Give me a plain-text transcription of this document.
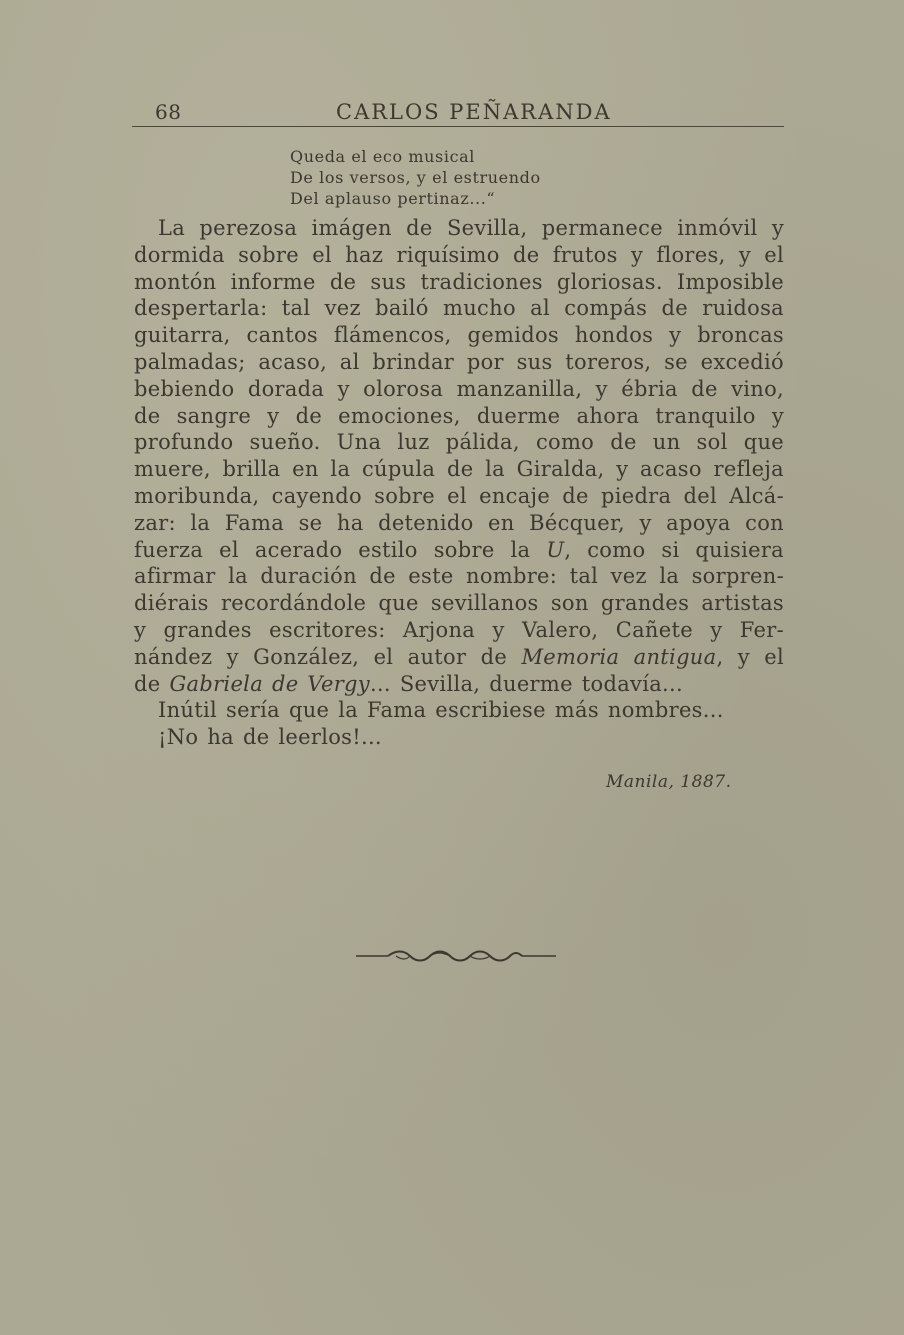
68	CARLOS PEÑARANDA
Queda el eco musical
De los versos, y el estruendo
Del aplauso pertinaz...“

La perezosa imágen de Sevilla, permanece inmóvil y
dormida sobre el haz riquísimo de frutos y flores, y el
montón informe de sus tradiciones gloriosas. Imposible
despertarla: tal vez bailó mucho al compás de ruidosa
guitarra, cantos flámencos, gemidos hondos y broncas
palmadas; acaso, al brindar por sus toreros, se excedió
bebiendo dorada y olorosa manzanilla, y ébria de vino,
de sangre y de emociones, duerme ahora tranquilo y
profundo sueño. Una luz pálida, como de un sol que
muere, brilla en la cúpula de la Giralda, y acaso refleja
moribunda, cayendo sobre el encaje de piedra del Alcá-
zar: la Fama se ha detenido en Bécquer, y apoya con
fuerza el acerado estilo sobre la U, como si quisiera
afirmar la duración de este nombre: tal vez la sorpren-
diérais recordándole que sevillanos son grandes artistas
y grandes escritores: Arjona y Valero, Cañete y Fer-
nández y González, el autor de Memoria antigua, y el
de Gabriela de Vergy... Sevilla, duerme todavía...

Inútil sería que la Fama escribiese más nombres...

¡No ha de leerlos!...

Manila, 1887.
